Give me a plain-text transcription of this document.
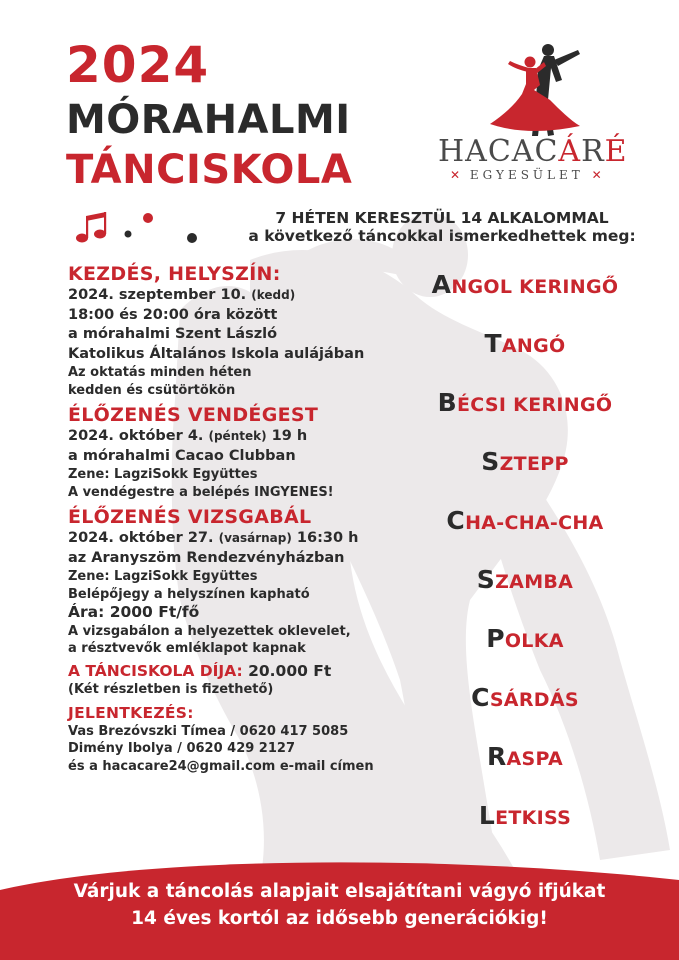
2024
MÓRAHALMI
TÁNCISKOLA	HACACÁRÉ
✕ EGYESÜLET ✕
7 HÉTEN KERESZTÜL 14 ALKALOMMAL
a következő táncokkal ismerkedhettek meg:
KEZDÉS, HELYSZÍN:
2024. szeptember 10. (kedd)
18:00 és 20:00 óra között
a mórahalmi Szent László
Katolikus Általános Iskola aulájában
Az oktatás minden héten
kedden és csütörtökön
ÉLŐZENÉS VENDÉGEST
2024. október 4. (péntek) 19 h
a mórahalmi Cacao Clubban
Zene: LagziSokk Együttes
A vendégestre a belépés INGYENES!
ÉLŐZENÉS VIZSGABÁL
2024. október 27. (vasárnap) 16:30 h
az Aranyszöm Rendezvényházban
Zene: LagziSokk Együttes
Belépőjegy a helyszínen kapható
Ára: 2000 Ft/fő
A vizsgabálon a helyezettek oklevelet,
a résztvevők emléklapot kapnak
A TÁNCISKOLA DÍJA: 20.000 Ft
(Két részletben is fizethető)
JELENTKEZÉS:
Vas Brezóvszki Tímea / 0620 417 5085
Dimény Ibolya / 0620 429 2127
és a hacacare24@gmail.com e-mail címen
ANGOL KERINGŐ
TANGÓ
BÉCSI KERINGŐ
SZTEPP
CHA-CHA-CHA
SZAMBA
POLKA
CSÁRDÁS
RASPA
LETKISS
Várjuk a táncolás alapjait elsajátítani vágyó ifjúkat
14 éves kortól az idősebb generációkig!
